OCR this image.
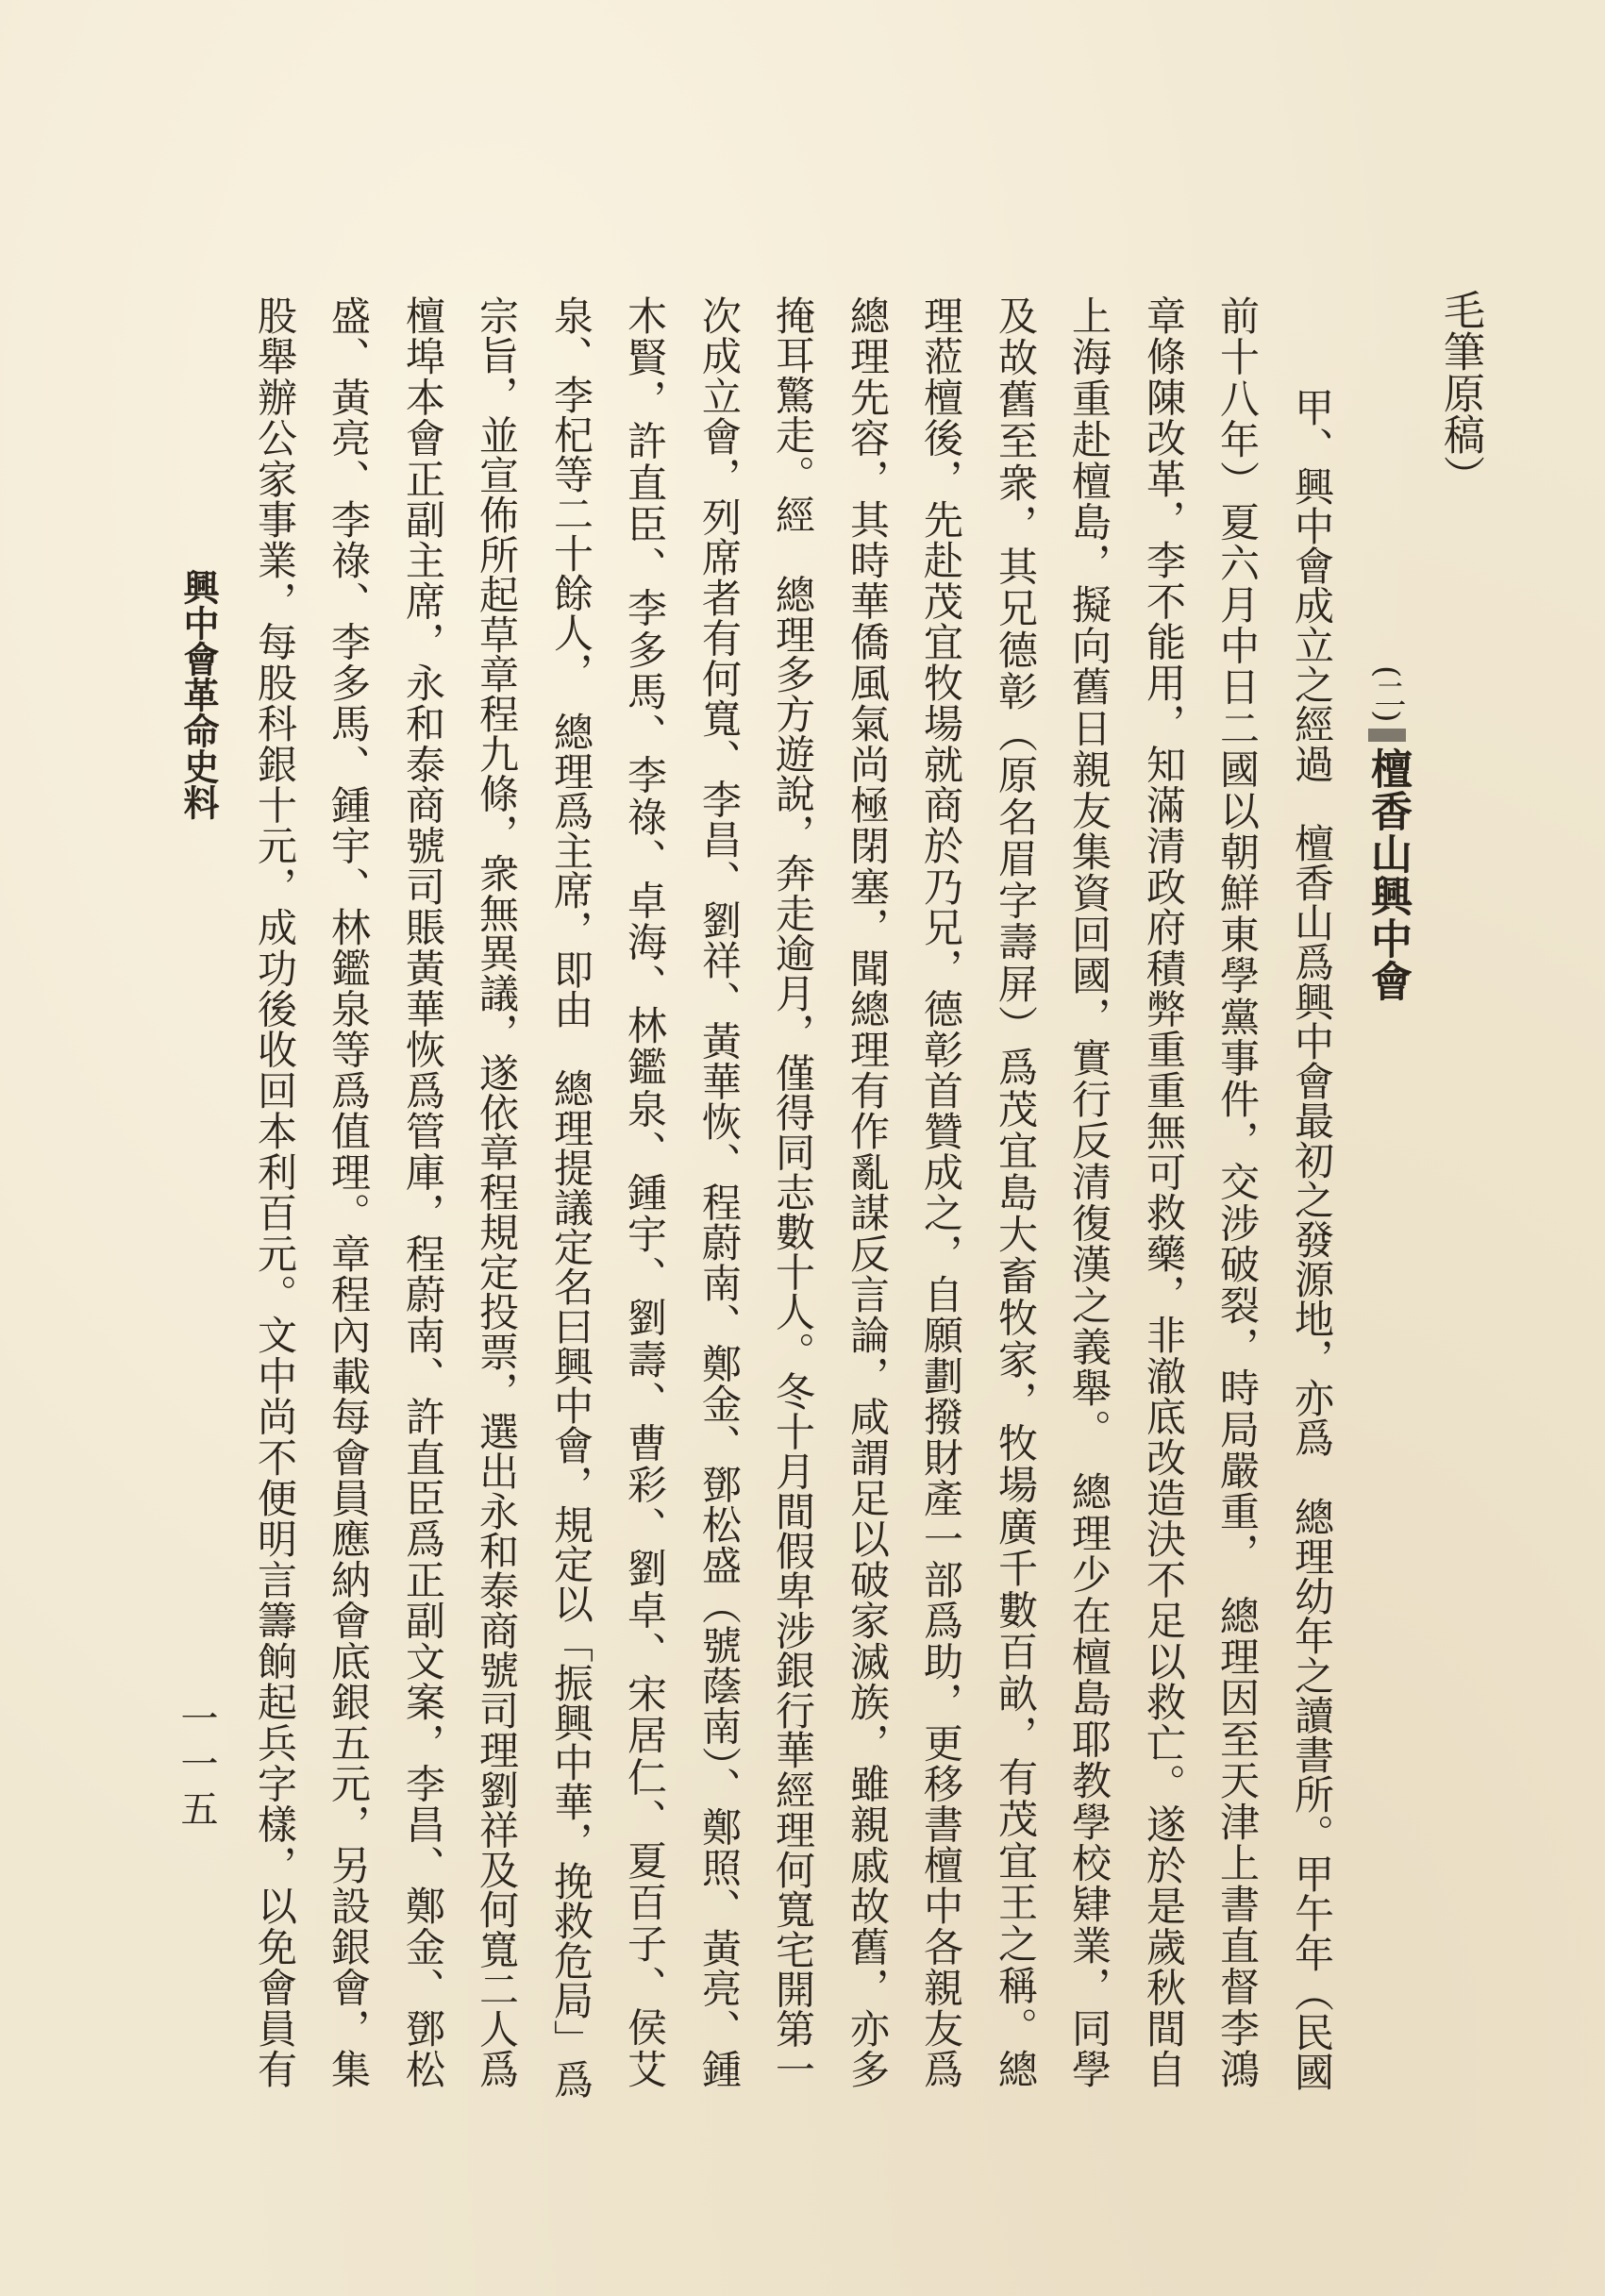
毛筆原稿）
(二)檀香山興中會
甲、興中會成立之經過　檀香山爲興中會最初之發源地，亦爲　總理幼年之讀書所。甲午年（民國
前十八年）夏六月中日二國以朝鮮東學黨事件，交涉破裂，時局嚴重，　總理因至天津上書直督李鴻
章條陳改革，李不能用，知滿清政府積弊重重無可救藥，非澈底改造決不足以救亡。遂於是歲秋間自
上海重赴檀島，擬向舊日親友集資回國，實行反清復漢之義舉。　總理少在檀島耶教學校肄業，同學
及故舊至衆，其兄德彰（原名眉字壽屏）爲茂宜島大畜牧家，牧場廣千數百畝，有茂宜王之稱。總
理蒞檀後，先赴茂宜牧場就商於乃兄，德彰首贊成之，自願劃撥財產一部爲助，更移書檀中各親友爲
總理先容，其時華僑風氣尚極閉塞，聞總理有作亂謀反言論，咸謂足以破家滅族，雖親戚故舊，亦多
掩耳驚走。經　總理多方遊說，奔走逾月，僅得同志數十人。冬十月間假卑涉銀行華經理何寬宅開第一
次成立會，列席者有何寬、李昌、劉祥、黃華恢、程蔚南、鄭金、鄧松盛（號蔭南）、鄭照、黃亮、鍾
木賢，許直臣、李多馬、李祿、卓海、林鑑泉、鍾宇、劉壽、曹彩、劉卓、宋居仁、夏百子、侯艾
泉、李杞等二十餘人，　總理爲主席，即由　總理提議定名曰興中會，規定以「振興中華，挽救危局」爲
宗旨，並宣佈所起草章程九條，衆無異議，遂依章程規定投票，選出永和泰商號司理劉祥及何寬二人爲
檀埠本會正副主席，永和泰商號司賬黃華恢爲管庫，程蔚南、許直臣爲正副文案，李昌、鄭金、鄧松
盛、黃亮、李祿、李多馬、鍾宇、林鑑泉等爲值理。章程內載每會員應納會底銀五元，另設銀會，集
股舉辦公家事業，每股科銀十元，成功後收回本利百元。文中尚不便明言籌餉起兵字樣，以免會員有
興中會革命史料
一一五
